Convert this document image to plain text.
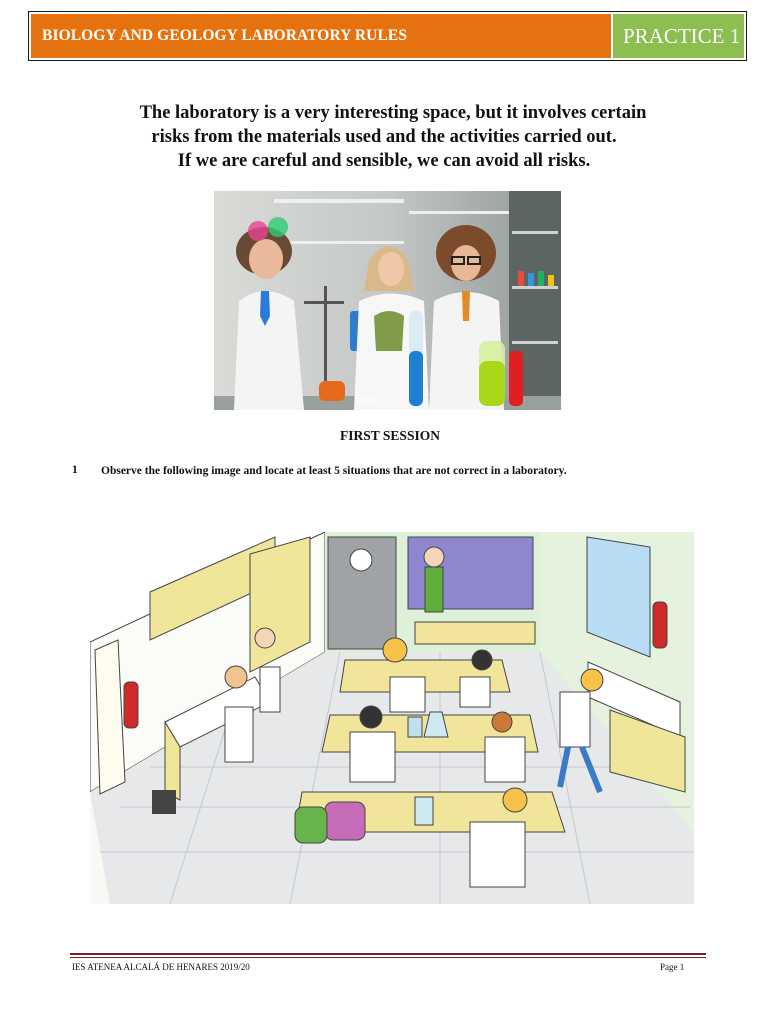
BIOLOGY AND GEOLOGY LABORATORY RULES	PRACTICE 1
The laboratory is a very interesting space, but it involves certain
risks from the materials used and the activities carried out.
If we are careful and sensible, we can avoid all risks.
123RF
FIRST SESSION
1 Observe the following image and locate at least 5 situations that are not correct in a laboratory.
IES ATENEA ALCALÁ DE HENARES 2019/20	Page 1
